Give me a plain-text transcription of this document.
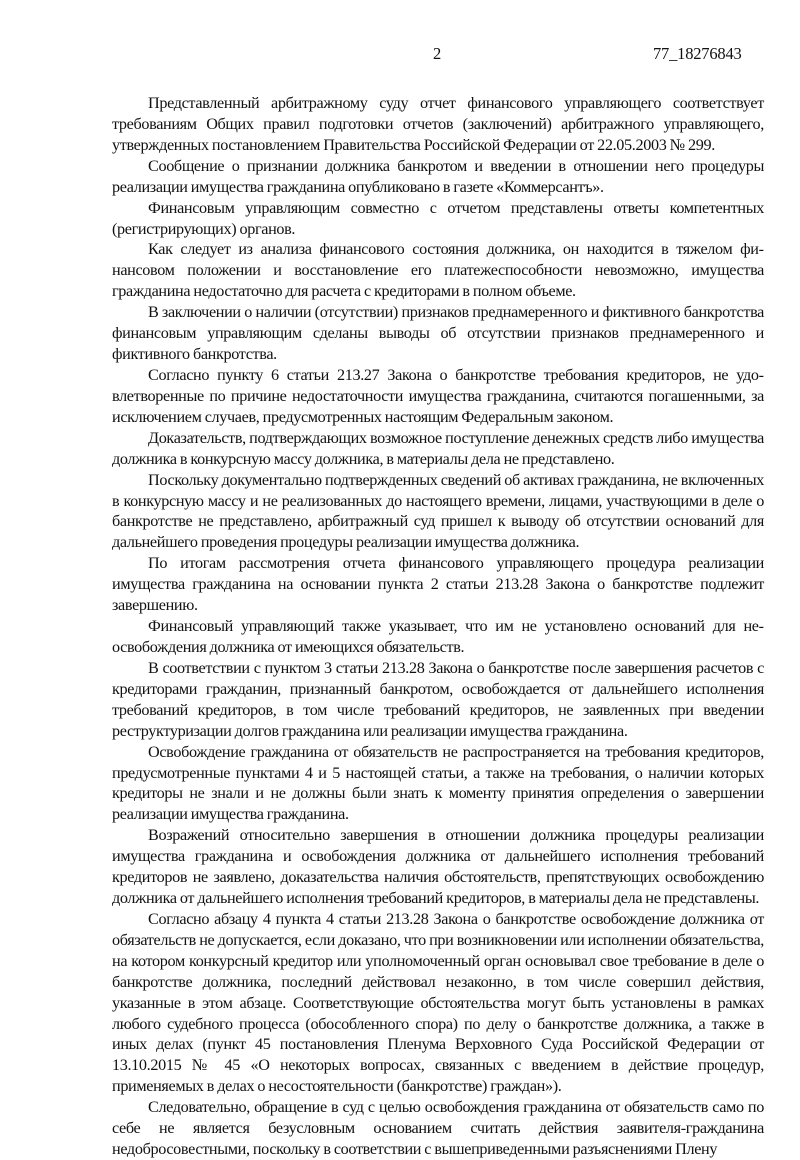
2	77_18276843

Представленный арбитражному суду отчет финансового управляющего соответствует требованиям Общих правил подготовки отчетов (заключений) арбитражного управляющего, утвержденных постановлением Правительства Российской Федерации от 22.05.2003 № 299.

Сообщение о признании должника банкротом и введении в отношении него процедуры реализации имущества гражданина опубликовано в газете «Коммерсантъ».

Финансовым управляющим совместно с отчетом представлены ответы компетентных (регистрирующих) органов.

Как следует из анализа финансового состояния должника, он находится в тяжелом финансовом положении и восстановление его платежеспособности невозможно, имущества гражданина недостаточно для расчета с кредиторами в полном объеме.

В заключении о наличии (отсутствии) признаков преднамеренного и фиктивного банкротства финансовым управляющим сделаны выводы об отсутствии признаков преднамеренного и фиктивного банкротства.

Согласно пункту 6 статьи 213.27 Закона о банкротстве требования кредиторов, не удовлетворенные по причине недостаточности имущества гражданина, считаются погашенными, за исключением случаев, предусмотренных настоящим Федеральным законом.

Доказательств, подтверждающих возможное поступление денежных средств либо имущества должника в конкурсную массу должника, в материалы дела не представлено.

Поскольку документально подтвержденных сведений об активах гражданина, не включенных в конкурсную массу и не реализованных до настоящего времени, лицами, участвующими в деле о банкротстве не представлено, арбитражный суд пришел к выводу об отсутствии оснований для дальнейшего проведения процедуры реализации имущества должника.

По итогам рассмотрения отчета финансового управляющего процедура реализации имущества гражданина на основании пункта 2 статьи 213.28 Закона о банкротстве подлежит завершению.

Финансовый управляющий также указывает, что им не установлено оснований для неосвобождения должника от имеющихся обязательств.

В соответствии с пунктом 3 статьи 213.28 Закона о банкротстве после завершения расчетов с кредиторами гражданин, признанный банкротом, освобождается от дальнейшего исполнения требований кредиторов, в том числе требований кредиторов, не заявленных при введении реструктуризации долгов гражданина или реализации имущества гражданина.

Освобождение гражданина от обязательств не распространяется на требования кредиторов, предусмотренные пунктами 4 и 5 настоящей статьи, а также на требования, о наличии которых кредиторы не знали и не должны были знать к моменту принятия определения о завершении реализации имущества гражданина.

Возражений относительно завершения в отношении должника процедуры реализации имущества гражданина и освобождения должника от дальнейшего исполнения требований кредиторов не заявлено, доказательства наличия обстоятельств, препятствующих освобождению должника от дальнейшего исполнения требований кредиторов, в материалы дела не представлены.

Согласно абзацу 4 пункта 4 статьи 213.28 Закона о банкротстве освобождение должника от обязательств не допускается, если доказано, что при возникновении или исполнении обязательства, на котором конкурсный кредитор или уполномоченный орган основывал свое требование в деле о банкротстве должника, последний действовал незаконно, в том числе совершил действия, указанные в этом абзаце. Соответствующие обстоятельства могут быть установлены в рамках любого судебного процесса (обособленного спора) по делу о банкротстве должника, а также в иных делах (пункт 45 постановления Пленума Верховного Суда Российской Федерации от 13.10.2015 № 45 «О некоторых вопросах, связанных с введением в действие процедур, применяемых в делах о несостоятельности (банкротстве) граждан»).

Следовательно, обращение в суд с целью освобождения гражданина от обязательств само по себе не является безусловным основанием считать действия заявителя-гражданина недобросовестными, поскольку в соответствии с вышеприведенными разъяснениями Плену
